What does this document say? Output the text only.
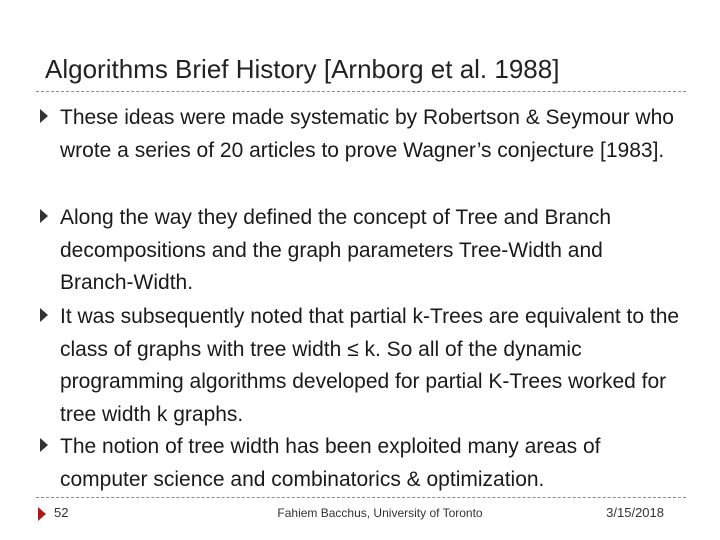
Algorithms Brief History [Arnborg et al. 1988]
These ideas were made systematic by Robertson & Seymour who wrote a series of 20 articles to prove Wagner’s conjecture [1983].
Along the way they defined the concept of Tree and Branch decompositions and the graph parameters Tree-Width and Branch-Width.
It was subsequently noted that partial k-Trees are equivalent to the class of graphs with tree width ≤ k. So all of the dynamic programming algorithms developed for partial K-Trees worked for tree width k graphs.
The notion of tree width has been exploited many areas of computer science and combinatorics & optimization.
52	Fahiem Bacchus, University of Toronto	3/15/2018
